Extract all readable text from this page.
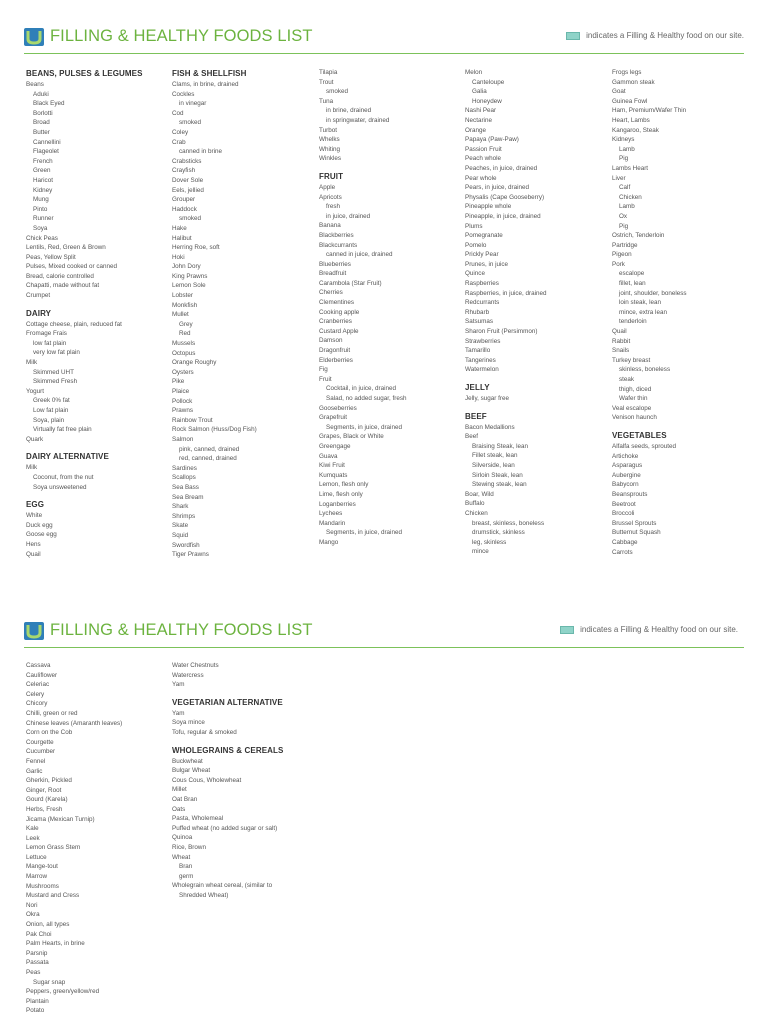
FILLING & HEALTHY FOODS LIST	indicates a Filling & Healthy food on our site.
BEANS, PULSES & LEGUMES
Beans
Aduki
Black Eyed
Borlotti
Broad
Butter
Cannellini
Flageolet
French
Green
Haricot
Kidney
Mung
Pinto
Runner
Soya
Chick Peas
Lentils, Red, Green & Brown
Peas, Yellow Split
Pulses, Mixed cooked or canned
Bread, calorie controlled
Chapatti, made without fat
Crumpet
DAIRY
Cottage cheese, plain, reduced fat
Fromage Frais
low fat plain
very low fat plain
Milk
Skimmed UHT
Skimmed Fresh
Yogurt
Greek 0% fat
Low fat plain
Soya, plain
Virtually fat free plain
Quark
DAIRY ALTERNATIVE
Milk
Coconut, from the nut
Soya unsweetened
EGG
White
Duck egg
Goose egg
Hens
Quail
FISH & SHELLFISH
Clams, in brine, drained
Cockles
in vinegar
Cod
smoked
Coley
Crab
canned in brine
Crabsticks
Crayfish
Dover Sole
Eels, jellied
Grouper
Haddock
smoked
Hake
Halibut
Herring Roe, soft
Hoki
John Dory
King Prawns
Lemon Sole
Lobster
Monkfish
Mullet
Grey
Red
Mussels
Octopus
Orange Roughy
Oysters
Pike
Plaice
Pollock
Prawns
Rainbow Trout
Rock Salmon (Huss/Dog Fish)
Salmon
pink, canned, drained
red, canned, drained
Sardines
Scallops
Sea Bass
Sea Bream
Shark
Shrimps
Skate
Squid
Swordfish
Tiger Prawns
Tilapia
Trout
smoked
Tuna
in brine, drained
in springwater, drained
Turbot
Whelks
Whiting
Winkles
FRUIT
Apple
Apricots
fresh
in juice, drained
Banana
Blackberries
Blackcurrants
canned in juice, drained
Blueberries
Breadfruit
Carambola (Star Fruit)
Cherries
Clementines
Cooking apple
Cranberries
Custard Apple
Damson
Dragonfruit
Elderberries
Fig
Fruit
Cocktail, in juice, drained
Salad, no added sugar, fresh
Gooseberries
Grapefruit
Segments, in juice, drained
Grapes, Black or White
Greengage
Guava
Kiwi Fruit
Kumquats
Lemon, flesh only
Lime, flesh only
Loganberries
Lychees
Mandarin
Segments, in juice, drained
Mango
Melon
Canteloupe
Galia
Honeydew
Nashi Pear
Nectarine
Orange
Papaya (Paw-Paw)
Passion Fruit
Peach whole
Peaches, in juice, drained
Pear whole
Pears, in juice, drained
Physalis (Cape Gooseberry)
Pineapple whole
Pineapple, in juice, drained
Plums
Pomegranate
Pomelo
Prickly Pear
Prunes, in juice
Quince
Raspberries
Raspberries, in juice, drained
Redcurrants
Rhubarb
Satsumas
Sharon Fruit (Persimmon)
Strawberries
Tamarillo
Tangerines
Watermelon
JELLY
Jelly, sugar free
BEEF
Bacon Medallions
Beef
Braising Steak, lean
Fillet steak, lean
Silverside, lean
Sirloin Steak, lean
Stewing steak, lean
Boar, Wild
Buffalo
Chicken
breast, skinless, boneless
drumstick, skinless
leg, skinless
mince
Frogs legs
Gammon steak
Goat
Guinea Fowl
Ham, Premium/Wafer Thin
Heart, Lambs
Kangaroo, Steak
Kidneys
Lamb
Pig
Lambs Heart
Liver
Calf
Chicken
Lamb
Ox
Pig
Ostrich, Tenderloin
Partridge
Pigeon
Pork
escalope
fillet, lean
joint, shoulder, boneless
loin steak, lean
mince, extra lean
tenderloin
Quail
Rabbit
Snails
Turkey breast
skinless, boneless
steak
thigh, diced
Wafer thin
Veal escalope
Venison haunch
VEGETABLES
Alfalfa seeds, sprouted
Artichoke
Asparagus
Aubergine
Babycorn
Beansprouts
Beetroot
Broccoli
Brussel Sprouts
Butternut Squash
Cabbage
Carrots
FILLING & HEALTHY FOODS LIST	indicates a Filling & Healthy food on our site.
Cassava
Cauliflower
Celeriac
Celery
Chicory
Chilli, green or red
Chinese leaves (Amaranth leaves)
Corn on the Cob
Courgette
Cucumber
Fennel
Garlic
Gherkin, Pickled
Ginger, Root
Gourd (Karela)
Herbs, Fresh
Jicama (Mexican Turnip)
Kale
Leek
Lemon Grass Stem
Lettuce
Mange-tout
Marrow
Mushrooms
Mustard and Cress
Nori
Okra
Onion, all types
Pak Choi
Palm Hearts, in brine
Parsnip
Passata
Peas
Sugar snap
Peppers, green/yellow/red
Plantain
Potato
Water Chestnuts
Watercress
Yam
VEGETARIAN ALTERNATIVE
Yam
Soya mince
Tofu, regular & smoked
WHOLEGRAINS & CEREALS
Buckwheat
Bulgar Wheat
Cous Cous, Wholewheat
Millet
Oat Bran
Oats
Pasta, Wholemeal
Puffed wheat (no added sugar or salt)
Quinoa
Rice, Brown
Wheat
Bran
germ
Wholegrain wheat cereal, (similar to
Shredded Wheat)
